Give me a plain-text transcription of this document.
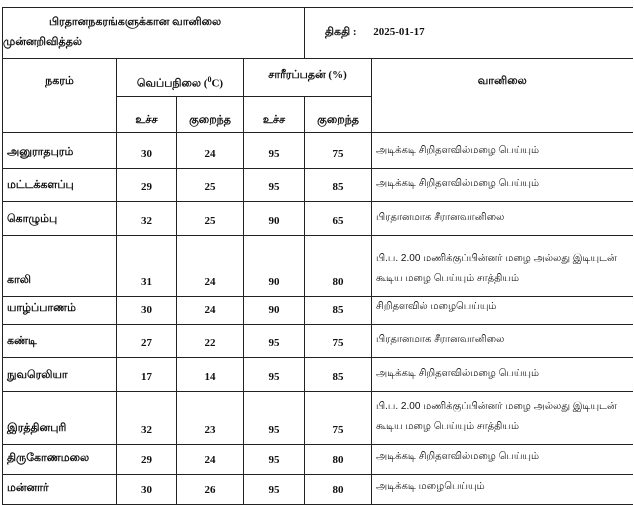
பிரதானநகரங்களுக்கான வானிலை
முன்னறிவித்தல்				திகதி : 2025-01-17	
நகரம்	வெப்பநிலை ($^0$C)		சாரீரப்பதன் (%)		வானிலை
	உச்ச	குறைந்த	உச்ச	குறைந்த	
அனுராதபுரம்	30	24	95	75	அடிக்கடி சிறிதளவில்மழை பெய்யும்
மட்டக்களப்பு	29	25	95	85	அடிக்கடி சிறிதளவில்மழை பெய்யும்
கொழும்பு	32	25	90	65	பிரதானமாக சீரானவானிலை
காலி	31	24	90	80	பி.ப. 2.00 மணிக்குப்பின்னர் மழை அல்லது இடியுடன் கூடிய மழை பெய்யும் சாத்தியம்
யாழ்ப்பாணம்	30	24	90	85	சிறிதளவில் மழைபெய்யும்
கண்டி	27	22	95	75	பிரதானமாக சீரானவானிலை
நுவரெலியா	17	14	95	85	அடிக்கடி சிறிதளவில்மழை பெய்யும்
இரத்தினபுரி	32	23	95	75	பி.ப. 2.00 மணிக்குப்பின்னர் மழை அல்லது இடியுடன் கூடிய மழை பெய்யும் சாத்தியம்
திருகோணமலை	29	24	95	80	அடிக்கடி சிறிதளவில்மழை பெய்யும்
மன்னார்	30	26	95	80	அடிக்கடி மழைபெய்யும்
